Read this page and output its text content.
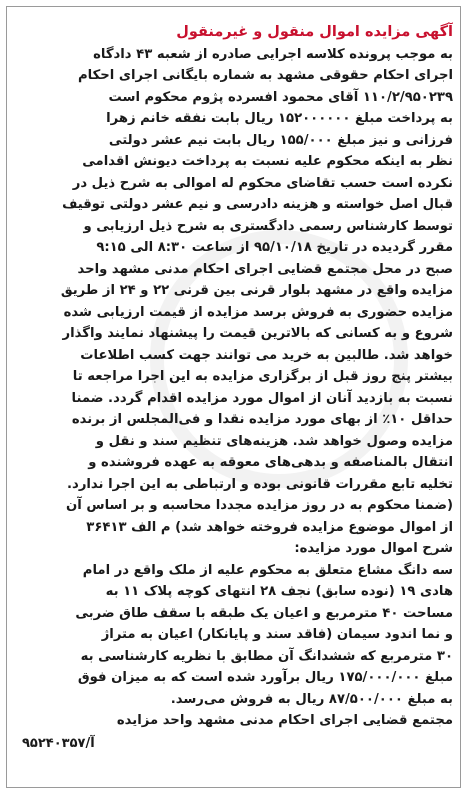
آگهی مزایده اموال منقول و غیرمنقول
به موجب پرونده کلاسه اجرایی صادره از شعبه ۴۳ دادگاه
اجرای احکام حقوقی مشهد به شماره بایگانی اجرای احکام
۱۱۰/۲/۹۵۰۲۳۹ آقای محمود افسرده پژوم محکوم است
به پرداخت مبلغ ۱۵۲۰۰۰۰۰۰ ریال بابت نفقه خانم زهرا
فرزانی و نیز مبلغ ۱۵۵/۰۰۰ ریال بابت نیم عشر دولتی
نظر به اینکه محکوم علیه نسبت به پرداخت دیونش اقدامی
نکرده است حسب تقاضای محکوم له اموالی به شرح ذیل در
قبال اصل خواسته و هزینه دادرسی و نیم عشر دولتی توقیف
توسط کارشناس رسمی دادگستری به شرح ذیل ارزیابی و
مقرر گردیده در تاریخ ۹۵/۱۰/۱۸ از ساعت ۸:۳۰ الی ۹:۱۵
صبح در محل مجتمع قضایی اجرای احکام مدنی مشهد واحد
مزایده واقع در مشهد بلوار قرنی بین قرنی ۲۲ و ۲۴ از طریق
مزایده حضوری به فروش برسد مزایده از قیمت ارزیابی شده
شروع و به کسانی که بالاترین قیمت را پیشنهاد نمایند واگذار
خواهد شد. طالبین به خرید می توانند جهت کسب اطلاعات
بیشتر پنج روز قبل از برگزاری مزایده به این اجرا مراجعه تا
نسبت به بازدید آنان از اموال مورد مزایده اقدام گردد. ضمنا
حداقل ۱۰٪ از بهای مورد مزایده نقدا و فی‌المجلس از برنده
مزایده وصول خواهد شد. هزینه‌های تنظیم سند و نقل و
انتقال بالمناصفه و بدهی‌های معوقه به عهده فروشنده و
تخلیه تابع مقررات قانونی بوده و ارتباطی به این اجرا ندارد.
(ضمنا محکوم به در روز مزایده مجددا محاسبه و بر اساس آن
از اموال موضوع مزایده فروخته خواهد شد) م الف ۳۶۴۱۳
شرح اموال مورد مزایده:
سه دانگ مشاع متعلق به محکوم علیه از ملک واقع در امام
هادی ۱۹ (نوده سابق) نجف ۲۸ انتهای کوچه پلاک ۱۱ به
مساحت ۴۰ مترمربع و اعیان یک طبقه با سقف طاق ضربی
و نما اندود سیمان (فاقد سند و پایانکار) اعیان به متراژ
۳۰ مترمربع که ششدانگ آن مطابق با نظریه کارشناسی به
مبلغ ۱۷۵/۰۰۰/۰۰۰ ریال برآورد شده است که به میزان فوق
به مبلغ ۸۷/۵۰۰/۰۰۰ ریال به فروش می‌رسد.
مجتمع قضایی اجرای احکام مدنی مشهد واحد مزایده
آ/۹۵۲۴۰۳۵۷
